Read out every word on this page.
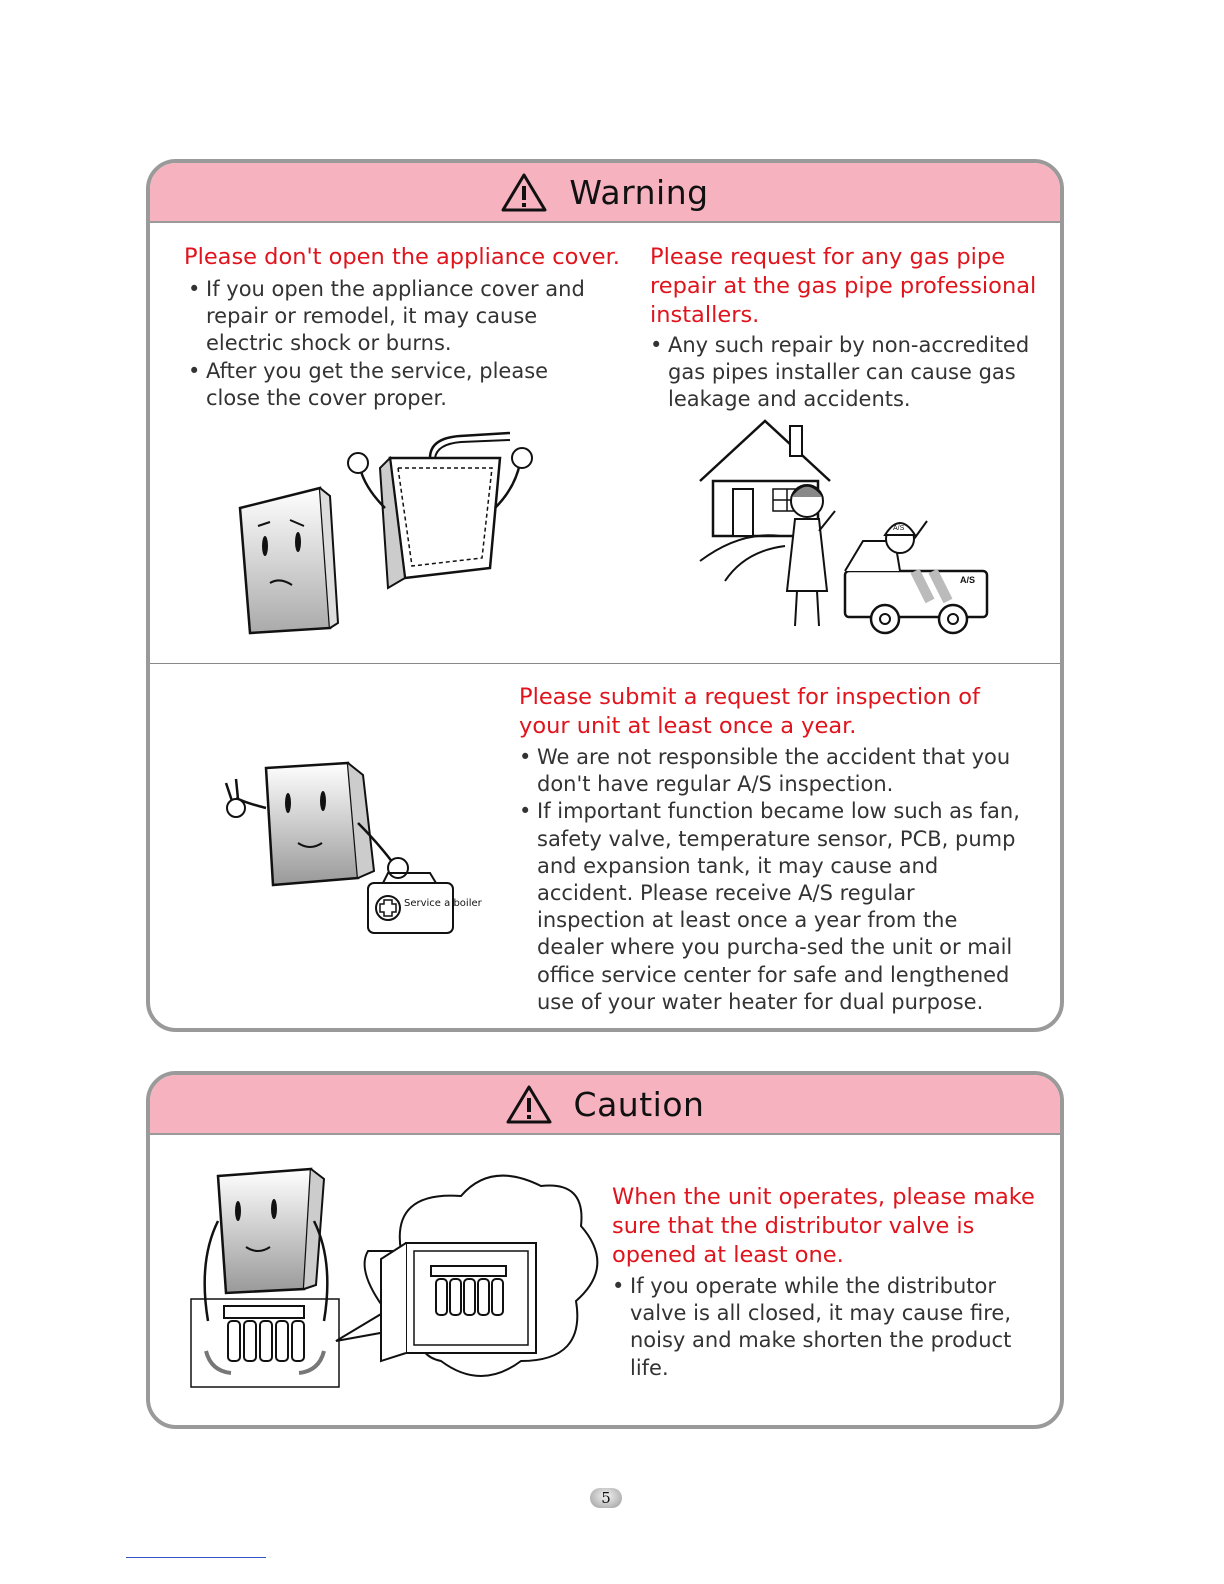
Warning
Please don't open the appliance cover.
• If you open the appliance cover and repair or remodel, it may cause electric shock or burns.
• After you get the service, please close the cover proper.
Please request for any gas pipe repair at the gas pipe professional installers.
• Any such repair by non-accredited gas pipes installer can cause gas leakage and accidents.
A/S
A/S
Please submit a request for inspection of your unit at least once a year.
• We are not responsible the accident that you don't have regular A/S inspection.
• If important function became low such as fan, safety valve, temperature sensor, PCB, pump and expansion tank, it may cause and accident. Please receive A/S regular inspection at least once a year from the dealer where you purcha-sed the unit or mail office service center for safe and lengthened use of your water heater for dual purpose.
Service a boiler
Caution
When the unit operates, please make sure that the distributor valve is opened at least one.
• If you operate while the distributor valve is all closed, it may cause fire, noisy and make shorten the product life.
5
